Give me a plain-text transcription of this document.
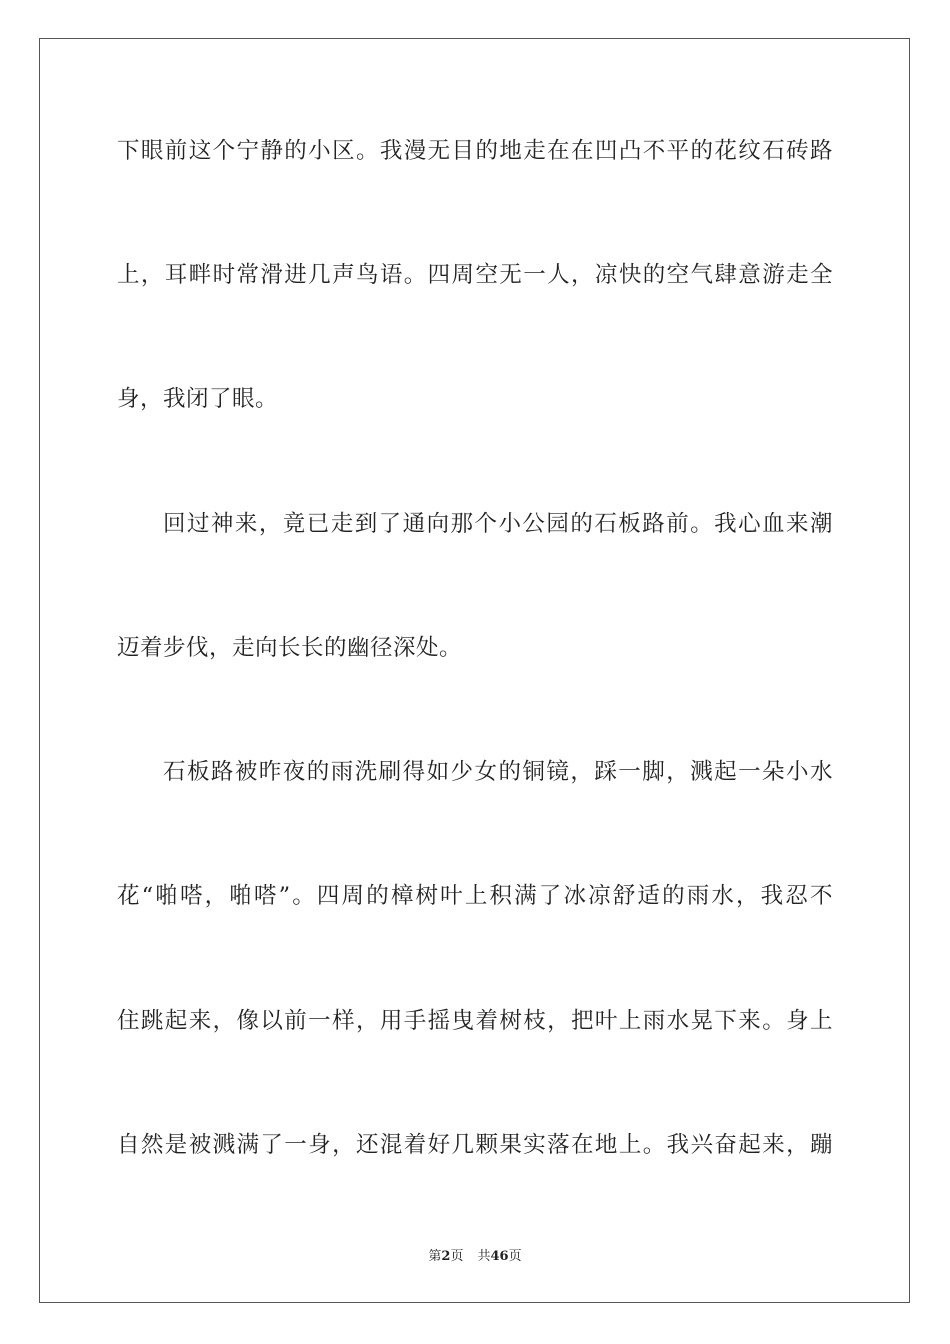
下眼前这个宁静的小区。我漫无目的地走在在凹凸不平的花纹石砖路
上，耳畔时常滑进几声鸟语。四周空无一人，凉快的空气肆意游走全
身，我闭了眼。
回过神来，竟已走到了通向那个小公园的石板路前。我心血来潮
迈着步伐，走向长长的幽径深处。
石板路被昨夜的雨洗刷得如少女的铜镜，踩一脚，溅起一朵小水
花“啪嗒，啪嗒”。四周的樟树叶上积满了冰凉舒适的雨水，我忍不
住跳起来，像以前一样，用手摇曳着树枝，把叶上雨水晃下来。身上
自然是被溅满了一身，还混着好几颗果实落在地上。我兴奋起来，蹦
第2页 共46页
